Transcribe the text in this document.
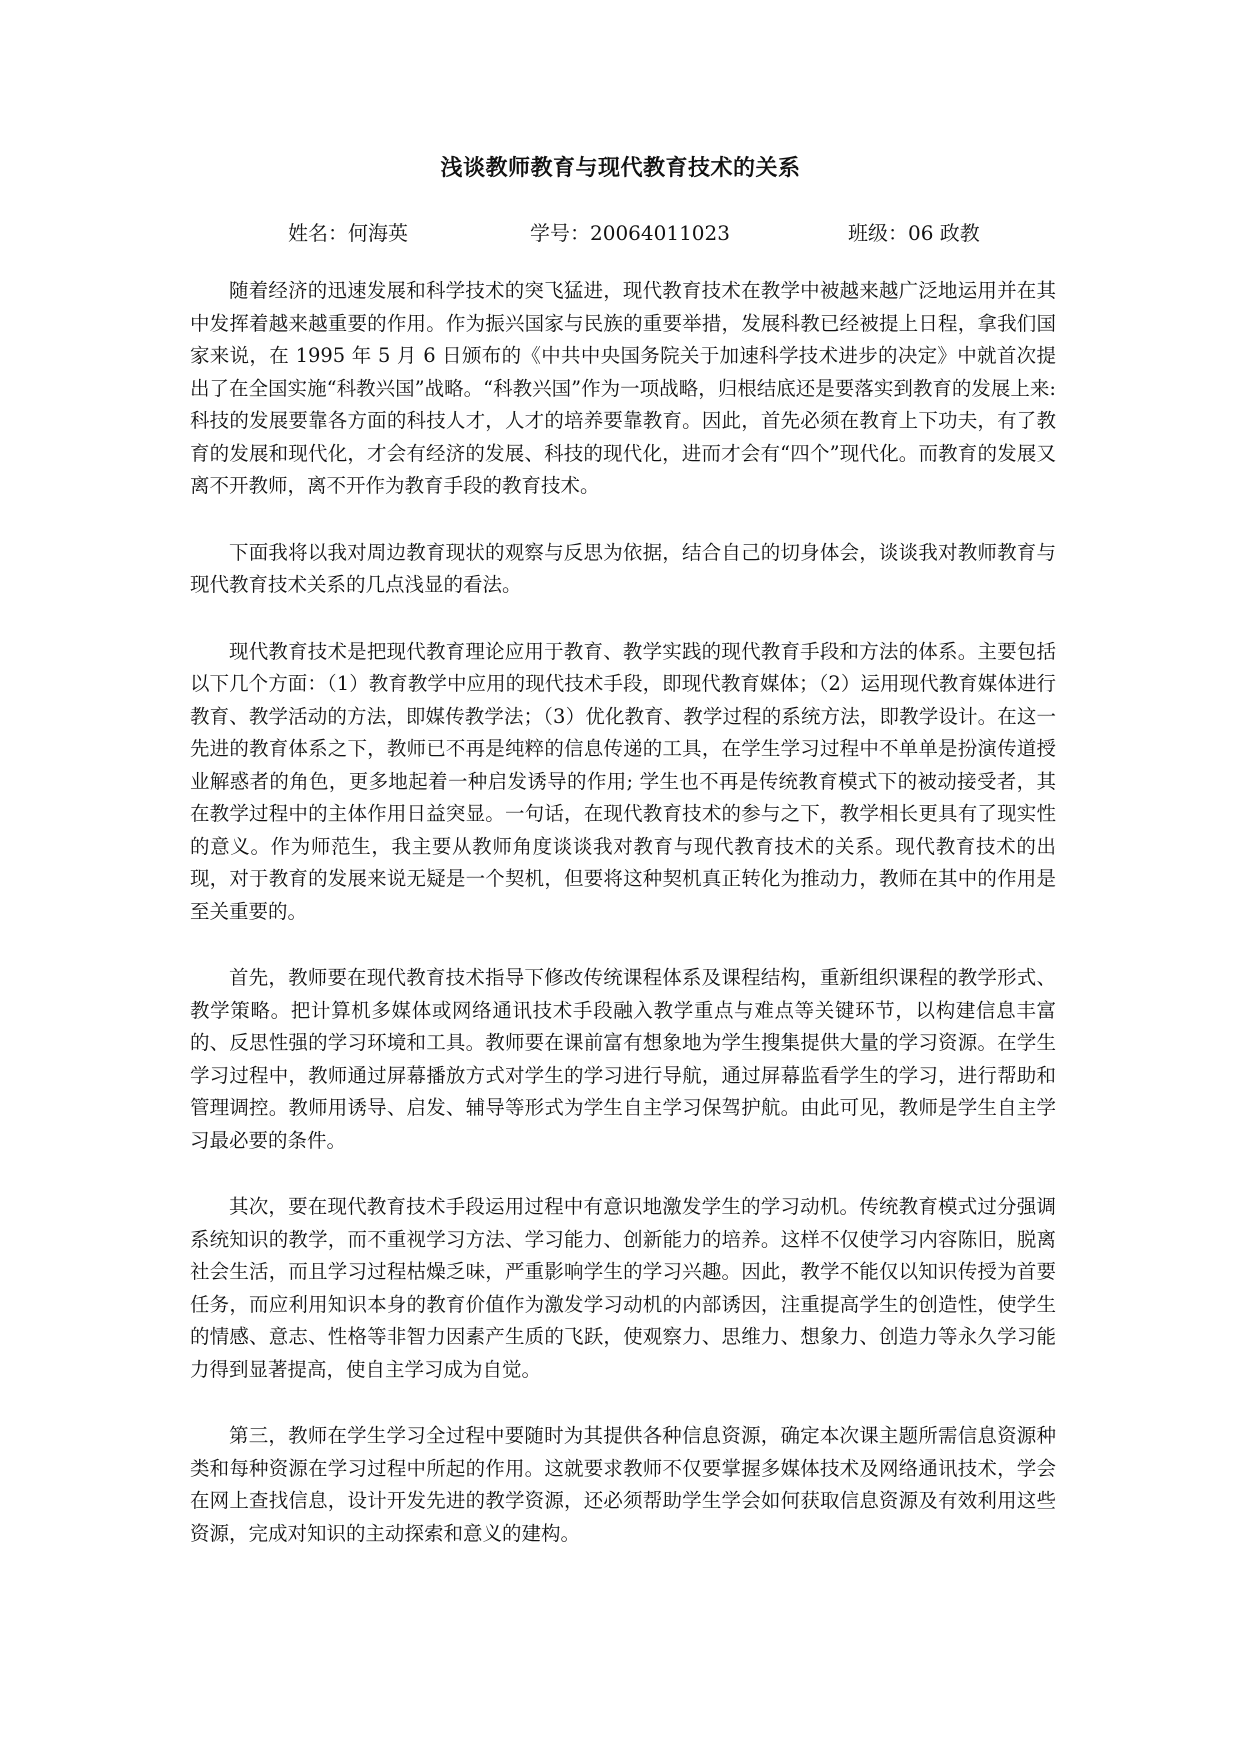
浅谈教师教育与现代教育技术的关系
姓名：何海英	学号：20064011023	班级：06 政教

随着经济的迅速发展和科学技术的突飞猛进，现代教育技术在教学中被越来越广泛地运用并在其中发挥着越来越重要的作用。作为振兴国家与民族的重要举措，发展科教已经被提上日程，拿我们国家来说，在 1995 年 5 月 6 日颁布的《中共中央国务院关于加速科学技术进步的决定》中就首次提出了在全国实施“科教兴国”战略。“科教兴国”作为一项战略，归根结底还是要落实到教育的发展上来: 科技的发展要靠各方面的科技人才，人才的培养要靠教育。因此，首先必须在教育上下功夫，有了教育的发展和现代化，才会有经济的发展、科技的现代化，进而才会有“四个”现代化。而教育的发展又离不开教师，离不开作为教育手段的教育技术。

下面我将以我对周边教育现状的观察与反思为依据，结合自己的切身体会，谈谈我对教师教育与现代教育技术关系的几点浅显的看法。

现代教育技术是把现代教育理论应用于教育、教学实践的现代教育手段和方法的体系。主要包括以下几个方面：（1）教育教学中应用的现代技术手段，即现代教育媒体；（2）运用现代教育媒体进行教育、教学活动的方法，即媒传教学法；（3）优化教育、教学过程的系统方法，即教学设计。在这一先进的教育体系之下，教师已不再是纯粹的信息传递的工具，在学生学习过程中不单单是扮演传道授业解惑者的角色，更多地起着一种启发诱导的作用; 学生也不再是传统教育模式下的被动接受者，其在教学过程中的主体作用日益突显。一句话，在现代教育技术的参与之下，教学相长更具有了现实性的意义。作为师范生，我主要从教师角度谈谈我对教育与现代教育技术的关系。现代教育技术的出现，对于教育的发展来说无疑是一个契机，但要将这种契机真正转化为推动力，教师在其中的作用是至关重要的。

首先，教师要在现代教育技术指导下修改传统课程体系及课程结构，重新组织课程的教学形式、教学策略。把计算机多媒体或网络通讯技术手段融入教学重点与难点等关键环节，以构建信息丰富的、反思性强的学习环境和工具。教师要在课前富有想象地为学生搜集提供大量的学习资源。在学生学习过程中，教师通过屏幕播放方式对学生的学习进行导航，通过屏幕监看学生的学习，进行帮助和管理调控。教师用诱导、启发、辅导等形式为学生自主学习保驾护航。由此可见，教师是学生自主学习最必要的条件。

其次，要在现代教育技术手段运用过程中有意识地激发学生的学习动机。传统教育模式过分强调系统知识的教学，而不重视学习方法、学习能力、创新能力的培养。这样不仅使学习内容陈旧，脱离社会生活，而且学习过程枯燥乏味，严重影响学生的学习兴趣。因此，教学不能仅以知识传授为首要任务，而应利用知识本身的教育价值作为激发学习动机的内部诱因，注重提高学生的创造性，使学生的情感、意志、性格等非智力因素产生质的飞跃，使观察力、思维力、想象力、创造力等永久学习能力得到显著提高，使自主学习成为自觉。

第三，教师在学生学习全过程中要随时为其提供各种信息资源，确定本次课主题所需信息资源种类和每种资源在学习过程中所起的作用。这就要求教师不仅要掌握多媒体技术及网络通讯技术，学会在网上查找信息，设计开发先进的教学资源，还必须帮助学生学会如何获取信息资源及有效利用这些资源，完成对知识的主动探索和意义的建构。
